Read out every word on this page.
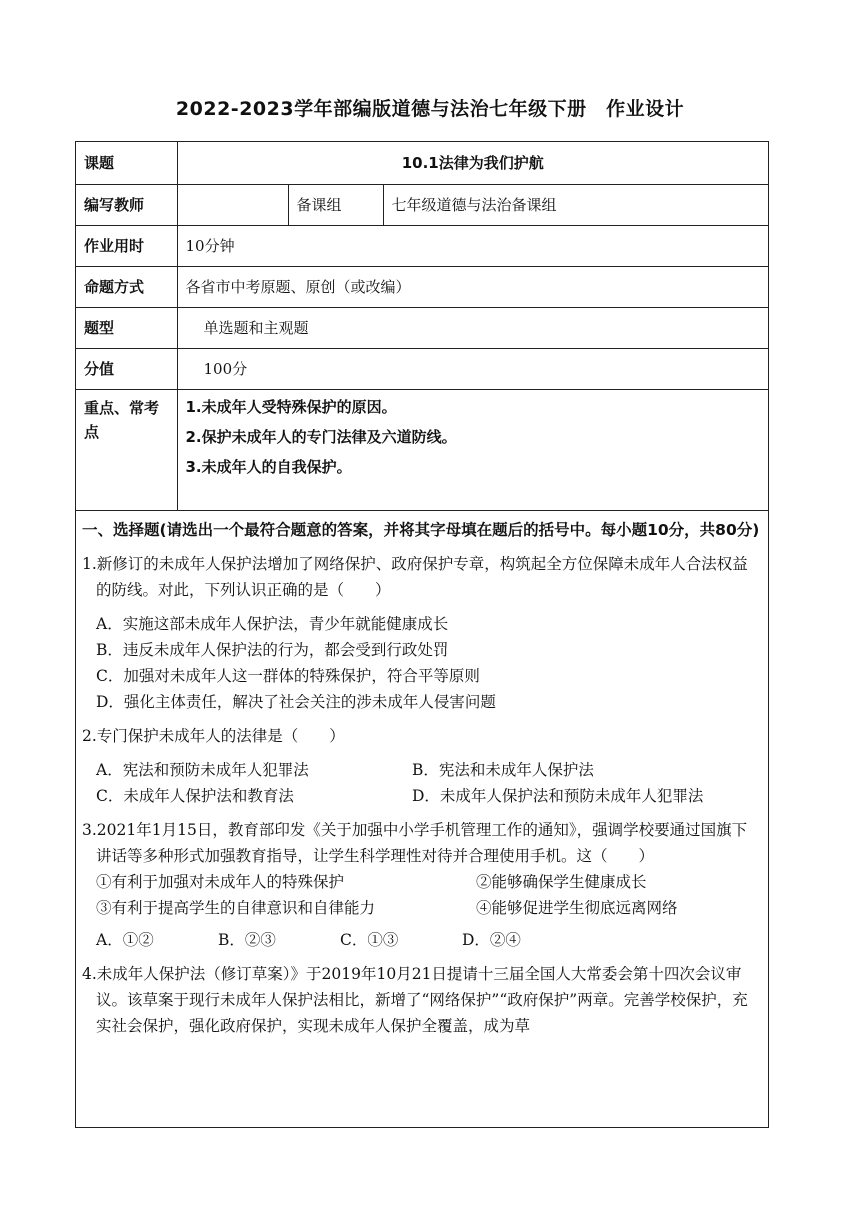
2022-2023学年部编版道德与法治七年级下册　作业设计
课题	10.1法律为我们护航		
编写教师		备课组	七年级道德与法治备课组
作业用时	10分钟		
命题方式	各省市中考原题、原创（或改编）		
题型	单选题和主观题		
分值	100分		
重点、常考点	1.未成年人受特殊保护的原因。

2.保护未成年人的专门法律及六道防线。

3.未成年人的自我保护。		

一、选择题(请选出一个最符合题意的答案，并将其字母填在题后的括号中。每小题10分，共80分)

1.新修订的未成年人保护法增加了网络保护、政府保护专章，构筑起全方位保障未成年人合法权益的防线。对此，下列认识正确的是（　　）

A．实施这部未成年人保护法，青少年就能健康成长

B．违反未成年人保护法的行为，都会受到行政处罚

C．加强对未成年人这一群体的特殊保护，符合平等原则

D．强化主体责任，解决了社会关注的涉未成年人侵害问题

2.专门保护未成年人的法律是（　　）

A．宪法和预防未成年人犯罪法	B．宪法和未成年人保护法
C．未成年人保护法和教育法	D．未成年人保护法和预防未成年人犯罪法

3.2021年1月15日，教育部印发《关于加强中小学手机管理工作的通知》，强调学校要通过国旗下讲话等多种形式加强教育指导，让学生科学理性对待并合理使用手机。这（　　）

①有利于加强对未成年人的特殊保护	②能够确保学生健康成长
③有利于提高学生的自律意识和自律能力	④能够促进学生彻底远离网络
A．①②	B．②③	C．①③	D．②④

4.未成年人保护法（修订草案）》于2019年10月21日提请十三届全国人大常委会第十四次会议审议。该草案于现行未成年人保护法相比，新增了“网络保护”“政府保护”两章。完善学校保护，充实社会保护，强化政府保护，实现未成年人保护全覆盖，成为草
